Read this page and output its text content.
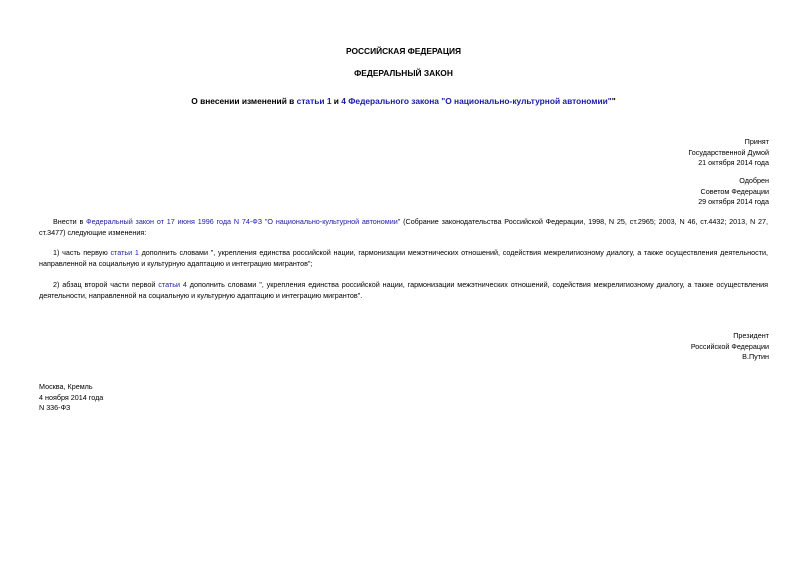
РОССИЙСКАЯ ФЕДЕРАЦИЯ
ФЕДЕРАЛЬНЫЙ ЗАКОН
О внесении изменений в статьи 1 и 4 Федерального закона "О национально-культурной автономии""
Принят
Государственной Думой
21 октября 2014 года
Одобрен
Советом Федерации
29 октября 2014 года
Внести в Федеральный закон от 17 июня 1996 года N 74-ФЗ "О национально-культурной автономии" (Собрание законодательства Российской Федерации, 1998, N 25, ст.2965; 2003, N 46, ст.4432; 2013, N 27, ст.3477) следующие изменения:
1) часть первую статьи 1 дополнить словами ", укрепления единства российской нации, гармонизации межэтнических отношений, содействия межрелигиозному диалогу, а также осуществления деятельности, направленной на социальную и культурную адаптацию и интеграцию мигрантов";
2) абзац второй части первой статьи 4 дополнить словами ", укрепления единства российской нации, гармонизации межэтнических отношений, содействия межрелигиозному диалогу, а также осуществления деятельности, направленной на социальную и культурную адаптацию и интеграцию мигрантов".
Президент
Российской Федерации
В.Путин
Москва, Кремль
4 ноября 2014 года
N 336-ФЗ
